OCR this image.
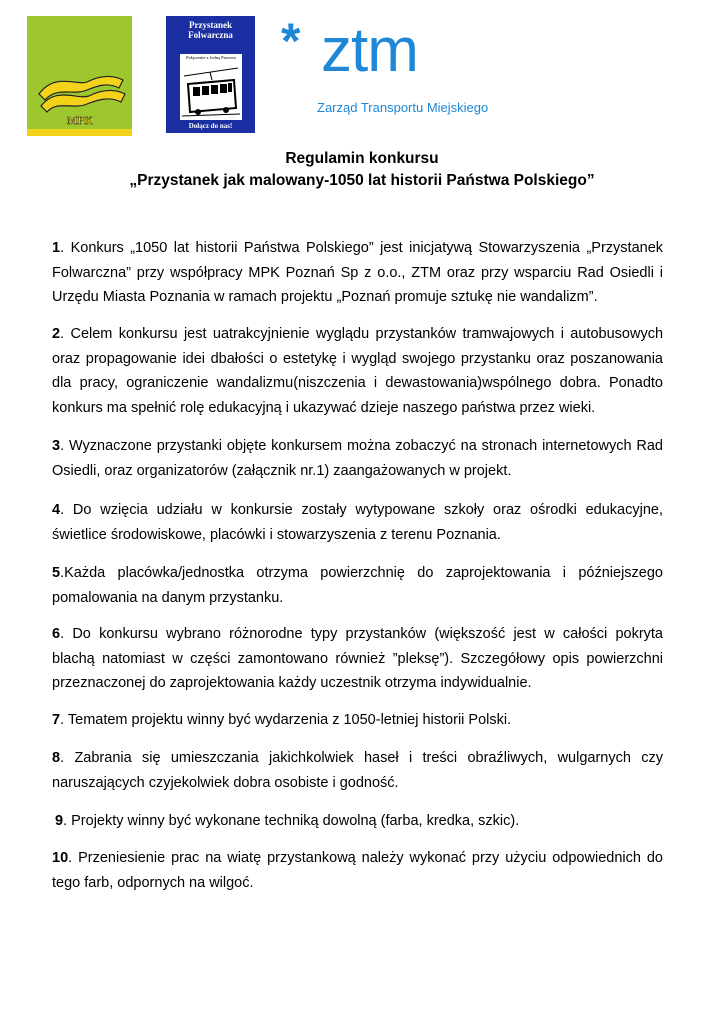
MPK
Przystanek
Folwarczna
Połączenie z Jedną Prawem
Dołącz do nas!
* ztm
Zarząd Transportu Miejskiego
Regulamin konkursu
„Przystanek jak malowany-1050 lat historii Państwa Polskiego”
1. Konkurs „1050 lat historii Państwa Polskiego” jest inicjatywą Stowarzyszenia „Przystanek Folwarczna” przy współpracy MPK Poznań Sp z o.o., ZTM oraz przy wsparciu Rad Osiedli i Urzędu Miasta Poznania w ramach projektu „Poznań promuje sztukę nie wandalizm”.
2. Celem konkursu jest uatrakcyjnienie wyglądu przystanków tramwajowych i autobusowych oraz propagowanie idei dbałości o estetykę i wygląd swojego przystanku oraz poszanowania dla pracy, ograniczenie wandalizmu(niszczenia i dewastowania)wspólnego dobra. Ponadto konkurs ma spełnić rolę edukacyjną i ukazywać dzieje naszego państwa przez wieki.
3. Wyznaczone przystanki objęte konkursem można zobaczyć na stronach internetowych Rad Osiedli, oraz organizatorów (załącznik nr.1) zaangażowanych w projekt.
4. Do wzięcia udziału w konkursie zostały wytypowane szkoły oraz ośrodki edukacyjne, świetlice środowiskowe, placówki i stowarzyszenia z terenu Poznania.
5.Każda placówka/jednostka otrzyma powierzchnię do zaprojektowania i późniejszego pomalowania na danym przystanku.
6. Do konkursu wybrano różnorodne typy przystanków (większość jest w całości pokryta blachą natomiast w części zamontowano również ”pleksę”). Szczegółowy opis powierzchni przeznaczonej do zaprojektowania każdy uczestnik otrzyma indywidualnie.
7. Tematem projektu winny być wydarzenia z 1050-letniej historii Polski.
8. Zabrania się umieszczania jakichkolwiek haseł i treści obraźliwych, wulgarnych czy naruszających czyjekolwiek dobra osobiste i godność.
9. Projekty winny być wykonane techniką dowolną (farba, kredka, szkic).
10. Przeniesienie prac na wiatę przystankową należy wykonać przy użyciu odpowiednich do tego farb, odpornych na wilgoć.
